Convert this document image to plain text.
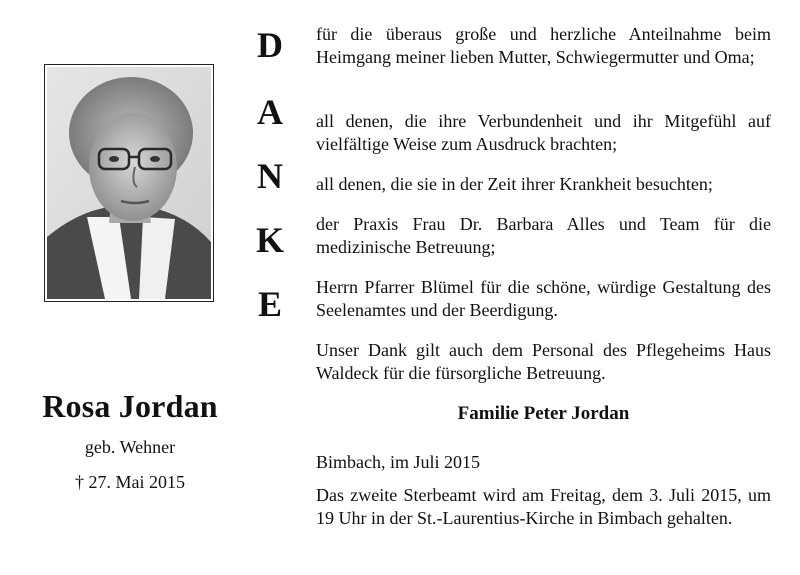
Rosa Jordan
geb. Wehner
† 27. Mai 2015
D
A
N
K
E
für die überaus große und herzliche Anteilnahme beim Heimgang meiner lieben Mutter, Schwiegermutter und Oma;
all denen, die ihre Verbundenheit und ihr Mitgefühl auf vielfältige Weise zum Ausdruck brachten;
all denen, die sie in der Zeit ihrer Krankheit besuchten;
der Praxis Frau Dr. Barbara Alles und Team für die medizinische Betreuung;
Herrn Pfarrer Blümel für die schöne, würdige Gestaltung des Seelenamtes und der Beerdigung.
Unser Dank gilt auch dem Personal des Pflegeheims Haus Waldeck für die fürsorgliche Betreuung.
Familie Peter Jordan
Bimbach, im Juli 2015
Das zweite Sterbeamt wird am Freitag, dem 3. Juli 2015, um 19 Uhr in der St.-Laurentius-Kirche in Bimbach gehalten.
